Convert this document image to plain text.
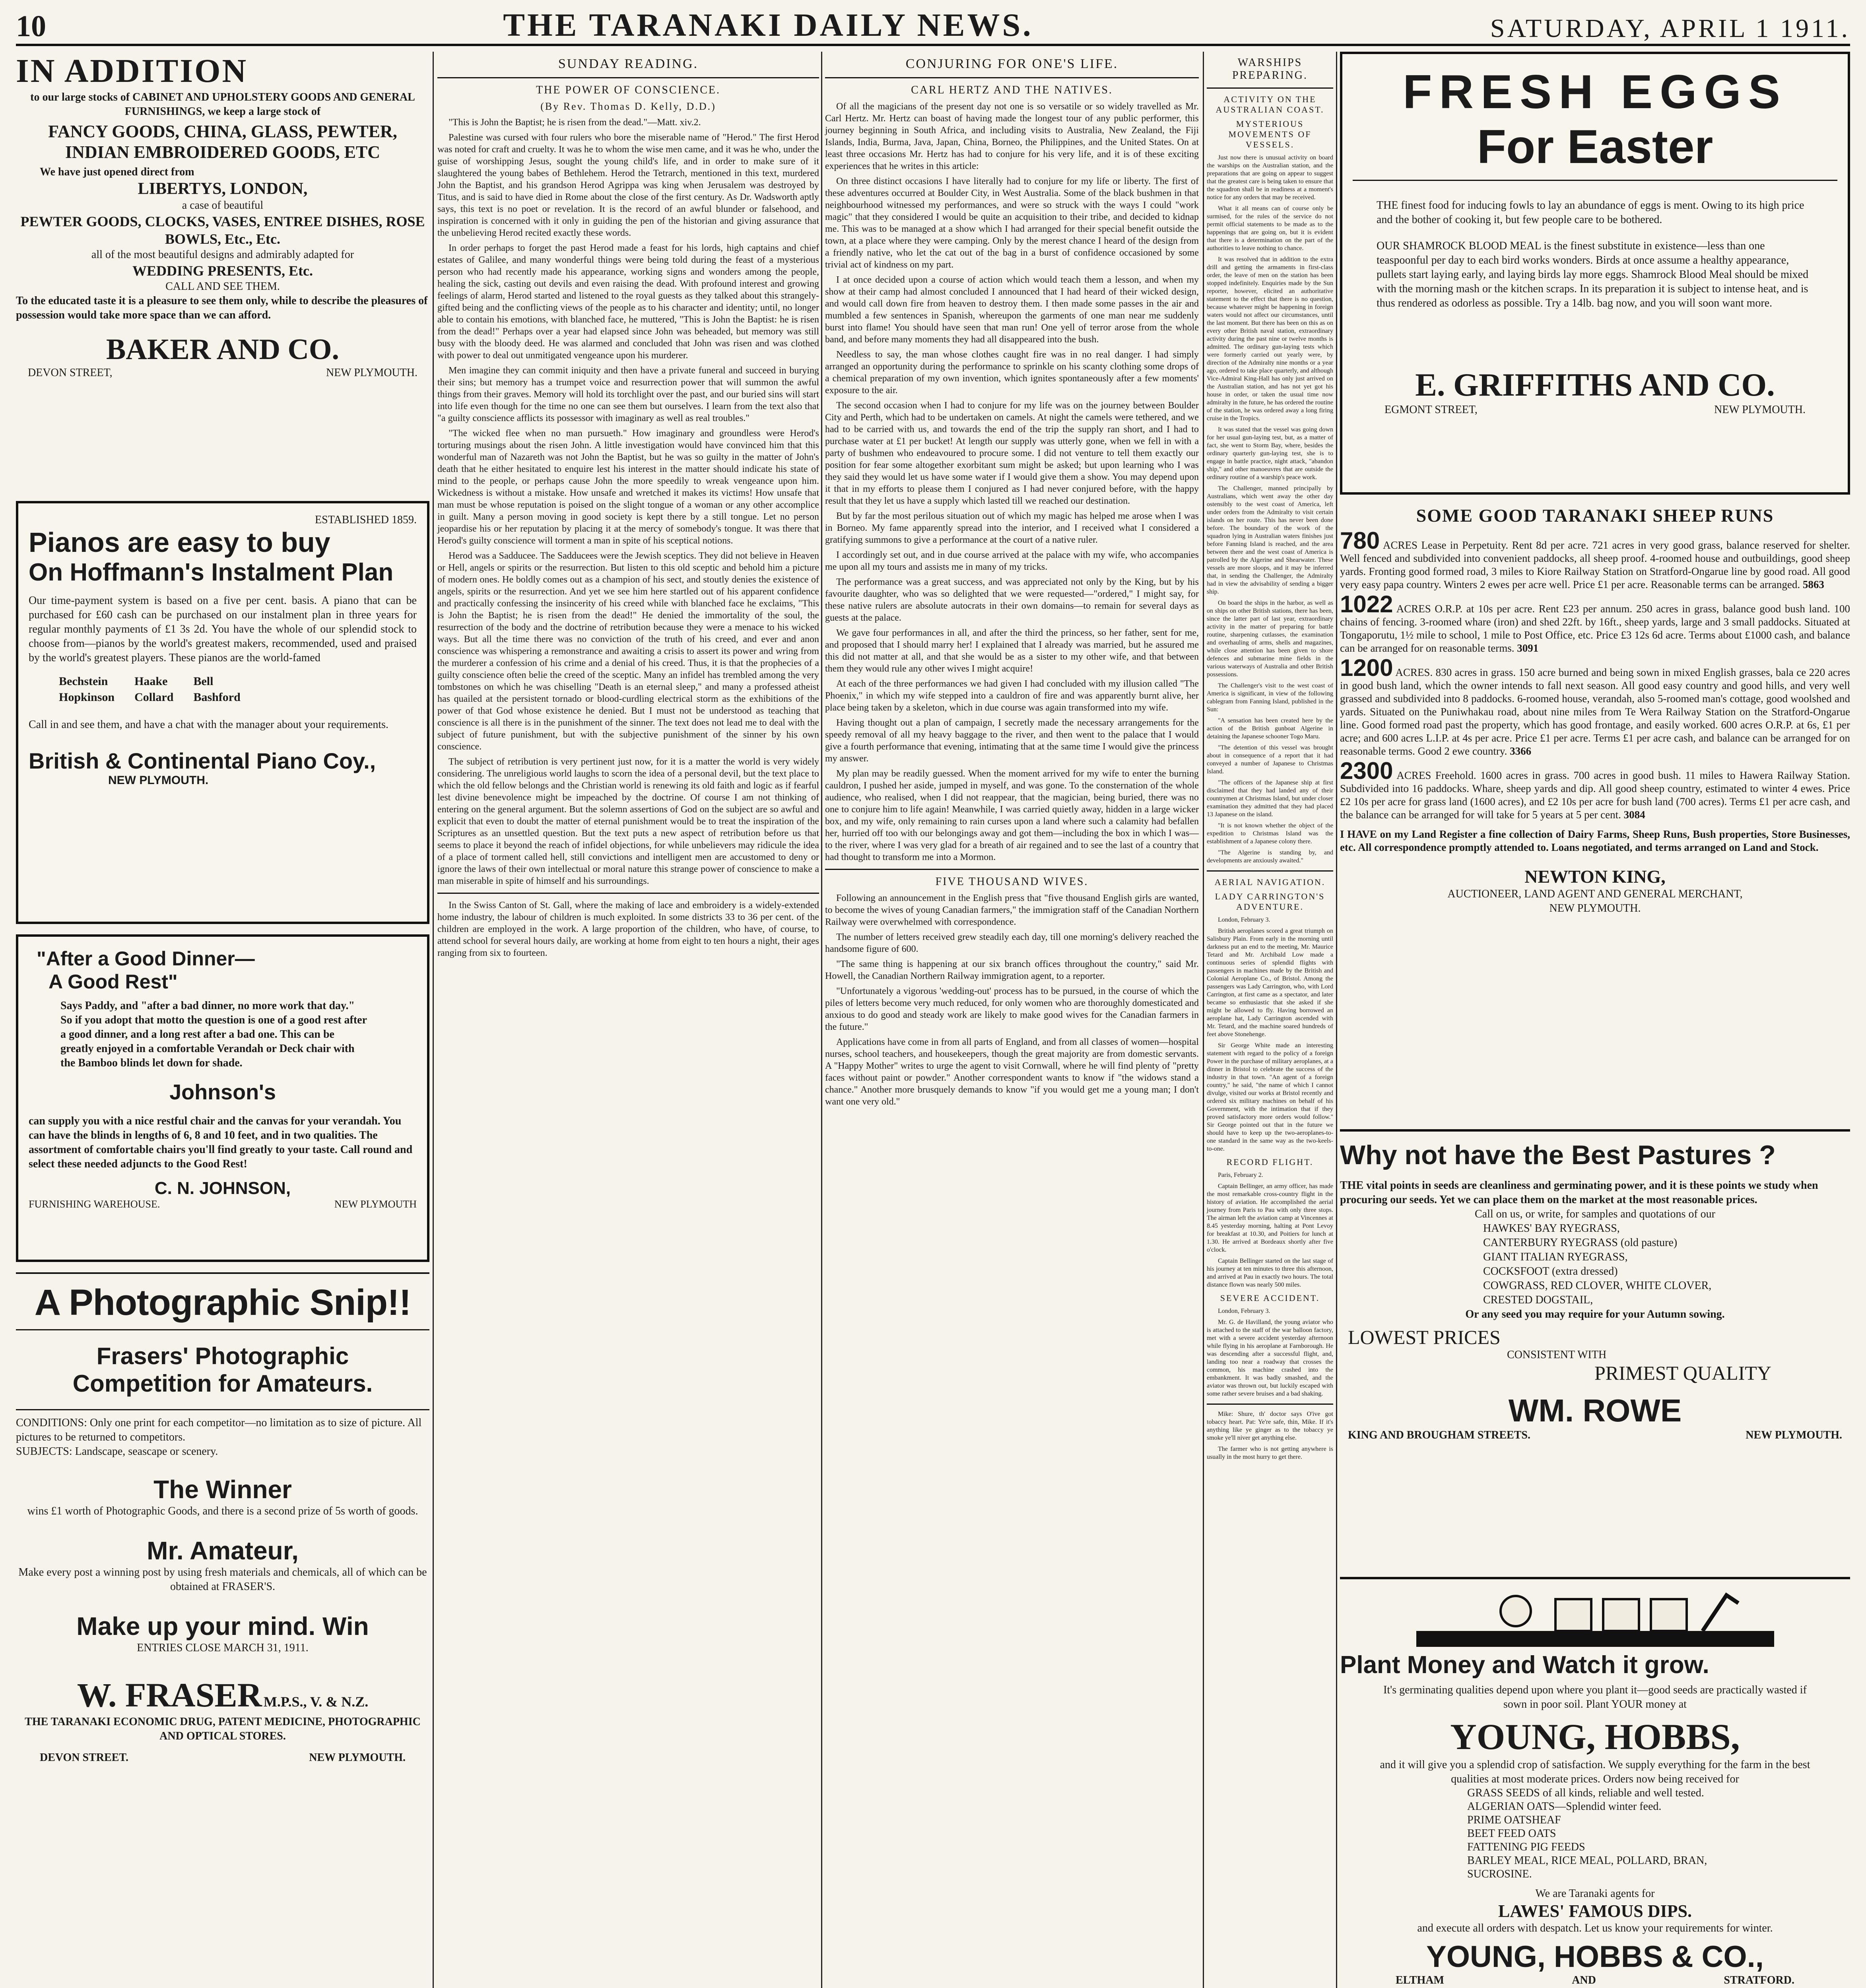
10	THE TARANAKI DAILY NEWS.	SATURDAY, APRIL 1 1911.
IN ADDITION
to our large stocks of CABINET AND UPHOLSTERY GOODS AND GENERAL FURNISHINGS, we keep a large stock of
FANCY GOODS, CHINA, GLASS, PEWTER, INDIAN EMBROIDERED GOODS, ETC
We have just opened direct from
LIBERTYS, LONDON,
a case of beautiful
PEWTER GOODS, CLOCKS, VASES, ENTREE DISHES, ROSE BOWLS, Etc., Etc.
all of the most beautiful designs and admirably adapted for
WEDDING PRESENTS, Etc.
CALL AND SEE THEM.
To the educated taste it is a pleasure to see them only, while to describe the pleasures of possession would take more space than we can afford.
BAKER AND CO.
DEVON STREET,	NEW PLYMOUTH.
ESTABLISHED 1859.
Pianos are easy to buy
On Hoffmann's Instalment Plan
Our time-payment system is based on a five per cent. basis. A piano that can be purchased for £60 cash can be purchased on our instalment plan in three years for regular monthly payments of £1 3s 2d. You have the whole of our splendid stock to choose from—pianos by the world's greatest makers, recommended, used and praised by the world's greatest players. These pianos are the world-famed
Bechstein	Haake	Bell
Hopkinson	Collard	Bashford
Call in and see them, and have a chat with the manager about your requirements.
British & Continental Piano Coy.,
NEW PLYMOUTH.
"After a Good Dinner—
A Good Rest"
Says Paddy, and "after a bad dinner, no more work that day." So if you adopt that motto the question is one of a good rest after a good dinner, and a long rest after a bad one. This can be greatly enjoyed in a comfortable Verandah or Deck chair with the Bamboo blinds let down for shade.
Johnson's
can supply you with a nice restful chair and the canvas for your verandah. You can have the blinds in lengths of 6, 8 and 10 feet, and in two qualities. The assortment of comfortable chairs you'll find greatly to your taste. Call round and select these needed adjuncts to the Good Rest!
C. N. JOHNSON,
FURNISHING WAREHOUSE.	NEW PLYMOUTH
A Photographic Snip!!
Frasers' Photographic
Competition for Amateurs.
CONDITIONS: Only one print for each competitor—no limitation as to size of picture. All pictures to be returned to competitors.
SUBJECTS: Landscape, seascape or scenery.
The Winner
wins £1 worth of Photographic Goods, and there is a second prize of 5s worth of goods.
Mr. Amateur,
Make every post a winning post by using fresh materials and chemicals, all of which can be obtained at FRASER'S.
Make up your mind. Win
ENTRIES CLOSE MARCH 31, 1911.
W. FRASER M.P.S., V. & N.Z.
THE TARANAKI ECONOMIC DRUG, PATENT MEDICINE, PHOTOGRAPHIC AND OPTICAL STORES.
DEVON STREET.	NEW PLYMOUTH.
SUNDAY READING.
THE POWER OF CONSCIENCE.
(By Rev. Thomas D. Kelly, D.D.)

"This is John the Baptist; he is risen from the dead."—Matt. xiv.2.

Palestine was cursed with four rulers who bore the miserable name of "Herod." The first Herod was noted for craft and cruelty. It was he to whom the wise men came, and it was he who, under the guise of worshipping Jesus, sought the young child's life, and in order to make sure of it slaughtered the young babes of Bethlehem. Herod the Tetrarch, mentioned in this text, murdered John the Baptist, and his grandson Herod Agrippa was king when Jerusalem was destroyed by Titus, and is said to have died in Rome about the close of the first century. As Dr. Wadsworth aptly says, this text is no poet or revelation. It is the record of an awful blunder or falsehood, and inspiration is concerned with it only in guiding the pen of the historian and giving assurance that the unbelieving Herod recited exactly these words.

In order perhaps to forget the past Herod made a feast for his lords, high captains and chief estates of Galilee, and many wonderful things were being told during the feast of a mysterious person who had recently made his appearance, working signs and wonders among the people, healing the sick, casting out devils and even raising the dead. With profound interest and growing feelings of alarm, Herod started and listened to the royal guests as they talked about this strangely-gifted being and the conflicting views of the people as to his character and identity; until, no longer able to contain his emotions, with blanched face, he muttered, "This is John the Baptist: he is risen from the dead!" Perhaps over a year had elapsed since John was beheaded, but memory was still busy with the bloody deed. He was alarmed and concluded that John was risen and was clothed with power to deal out unmitigated vengeance upon his murderer.

Men imagine they can commit iniquity and then have a private funeral and succeed in burying their sins; but memory has a trumpet voice and resurrection power that will summon the awful things from their graves. Memory will hold its torchlight over the past, and our buried sins will start into life even though for the time no one can see them but ourselves. I learn from the text also that "a guilty conscience afflicts its possessor with imaginary as well as real troubles."

"The wicked flee when no man pursueth." How imaginary and groundless were Herod's torturing musings about the risen John. A little investigation would have convinced him that this wonderful man of Nazareth was not John the Baptist, but he was so guilty in the matter of John's death that he either hesitated to enquire lest his interest in the matter should indicate his state of mind to the people, or perhaps cause John the more speedily to wreak vengeance upon him. Wickedness is without a mistake. How unsafe and wretched it makes its victims! How unsafe that man must be whose reputation is poised on the slight tongue of a woman or any other accomplice in guilt. Many a person moving in good society is kept there by a still tongue. Let no person jeopardise his or her reputation by placing it at the mercy of somebody's tongue. It was there that Herod's guilty conscience will torment a man in spite of his sceptical notions.

Herod was a Sadducee. The Sadducees were the Jewish sceptics. They did not believe in Heaven or Hell, angels or spirits or the resurrection. But listen to this old sceptic and behold him a picture of modern ones. He boldly comes out as a champion of his sect, and stoutly denies the existence of angels, spirits or the resurrection. And yet we see him here startled out of his apparent confidence and practically confessing the insincerity of his creed while with blanched face he exclaims, "This is John the Baptist; he is risen from the dead!" He denied the immortality of the soul, the resurrection of the body and the doctrine of retribution because they were a menace to his wicked ways. But all the time there was no conviction of the truth of his creed, and ever and anon conscience was whispering a remonstrance and awaiting a crisis to assert its power and wring from the murderer a confession of his crime and a denial of his creed. Thus, it is that the prophecies of a guilty conscience often belie the creed of the sceptic. Many an infidel has trembled among the very tombstones on which he was chiselling "Death is an eternal sleep," and many a professed atheist has quailed at the persistent tornado or blood-curdling electrical storm as the exhibitions of the power of that God whose existence he denied. But I must not be understood as teaching that conscience is all there is in the punishment of the sinner. The text does not lead me to deal with the subject of future punishment, but with the subjective punishment of the sinner by his own conscience.

The subject of retribution is very pertinent just now, for it is a matter the world is very widely considering. The unreligious world laughs to scorn the idea of a personal devil, but the text place to which the old fellow belongs and the Christian world is renewing its old faith and logic as if fearful lest divine benevolence might be impeached by the doctrine. Of course I am not thinking of entering on the general argument. But the solemn assertions of God on the subject are so awful and explicit that even to doubt the matter of eternal punishment would be to treat the inspiration of the Scriptures as an unsettled question. But the text puts a new aspect of retribution before us that seems to place it beyond the reach of infidel objections, for while unbelievers may ridicule the idea of a place of torment called hell, still convictions and intelligent men are accustomed to deny or ignore the laws of their own intellectual or moral nature this strange power of conscience to make a man miserable in spite of himself and his surroundings.

In the Swiss Canton of St. Gall, where the making of lace and embroidery is a widely-extended home industry, the labour of children is much exploited. In some districts 33 to 36 per cent. of the children are employed in the work. A large proportion of the children, who have, of course, to attend school for several hours daily, are working at home from eight to ten hours a night, their ages ranging from six to fourteen.

CONJURING FOR ONE'S LIFE.
CARL HERTZ AND THE NATIVES.

Of all the magicians of the present day not one is so versatile or so widely travelled as Mr. Carl Hertz. Mr. Hertz can boast of having made the longest tour of any public performer, this journey beginning in South Africa, and including visits to Australia, New Zealand, the Fiji Islands, India, Burma, Java, Japan, China, Borneo, the Philippines, and the United States. On at least three occasions Mr. Hertz has had to conjure for his very life, and it is of these exciting experiences that he writes in this article:

On three distinct occasions I have literally had to conjure for my life or liberty. The first of these adventures occurred at Boulder City, in West Australia. Some of the black bushmen in that neighbourhood witnessed my performances, and were so struck with the ways I could "work magic" that they considered I would be quite an acquisition to their tribe, and decided to kidnap me. This was to be managed at a show which I had arranged for their special benefit outside the town, at a place where they were camping. Only by the merest chance I heard of the design from a friendly native, who let the cat out of the bag in a burst of confidence occasioned by some trivial act of kindness on my part.

I at once decided upon a course of action which would teach them a lesson, and when my show at their camp had almost concluded I announced that I had heard of their wicked design, and would call down fire from heaven to destroy them. I then made some passes in the air and mumbled a few sentences in Spanish, whereupon the garments of one man near me suddenly burst into flame! You should have seen that man run! One yell of terror arose from the whole band, and before many moments they had all disappeared into the bush.

Needless to say, the man whose clothes caught fire was in no real danger. I had simply arranged an opportunity during the performance to sprinkle on his scanty clothing some drops of a chemical preparation of my own invention, which ignites spontaneously after a few moments' exposure to the air.

The second occasion when I had to conjure for my life was on the journey between Boulder City and Perth, which had to be undertaken on camels. At night the camels were tethered, and we had to be carried with us, and towards the end of the trip the supply ran short, and I had to purchase water at £1 per bucket! At length our supply was utterly gone, when we fell in with a party of bushmen who endeavoured to procure some. I did not venture to tell them exactly our position for fear some altogether exorbitant sum might be asked; but upon learning who I was they said they would let us have some water if I would give them a show. You may depend upon it that in my efforts to please them I conjured as I had never conjured before, with the happy result that they let us have a supply which lasted till we reached our destination.

But by far the most perilous situation out of which my magic has helped me arose when I was in Borneo. My fame apparently spread into the interior, and I received what I considered a gratifying summons to give a performance at the court of a native ruler.

I accordingly set out, and in due course arrived at the palace with my wife, who accompanies me upon all my tours and assists me in many of my tricks.

The performance was a great success, and was appreciated not only by the King, but by his favourite daughter, who was so delighted that we were requested—"ordered," I might say, for these native rulers are absolute autocrats in their own domains—to remain for several days as guests at the palace.

We gave four performances in all, and after the third the princess, so her father, sent for me, and proposed that I should marry her! I explained that I already was married, but he assured me this did not matter at all, and that she would be as a sister to my other wife, and that between them they would rule any other wives I might acquire!

At each of the three performances we had given I had concluded with my illusion called "The Phoenix," in which my wife stepped into a cauldron of fire and was apparently burnt alive, her place being taken by a skeleton, which in due course was again transformed into my wife.

Having thought out a plan of campaign, I secretly made the necessary arrangements for the speedy removal of all my heavy baggage to the river, and then went to the palace that I would give a fourth performance that evening, intimating that at the same time I would give the princess my answer.

My plan may be readily guessed. When the moment arrived for my wife to enter the burning cauldron, I pushed her aside, jumped in myself, and was gone. To the consternation of the whole audience, who realised, when I did not reappear, that the magician, being buried, there was no one to conjure him to life again! Meanwhile, I was carried quietly away, hidden in a large wicker box, and my wife, only remaining to rain curses upon a land where such a calamity had befallen her, hurried off too with our belongings away and got them—including the box in which I was—to the river, where I was very glad for a breath of air regained and to see the last of a country that had thought to transform me into a Mormon.

FIVE THOUSAND WIVES.

Following an announcement in the English press that "five thousand English girls are wanted, to become the wives of young Canadian farmers," the immigration staff of the Canadian Northern Railway were overwhelmed with correspondence.

The number of letters received grew steadily each day, till one morning's delivery reached the handsome figure of 600.

"The same thing is happening at our six branch offices throughout the country," said Mr. Howell, the Canadian Northern Railway immigration agent, to a reporter.

"Unfortunately a vigorous 'wedding-out' process has to be pursued, in the course of which the piles of letters become very much reduced, for only women who are thoroughly domesticated and anxious to do good and steady work are likely to make good wives for the Canadian farmers in the future."

Applications have come in from all parts of England, and from all classes of women—hospital nurses, school teachers, and housekeepers, though the great majority are from domestic servants. A "Happy Mother" writes to urge the agent to visit Cornwall, where he will find plenty of "pretty faces without paint or powder." Another correspondent wants to know if "the widows stand a chance." Another more brusquely demands to know "if you would get me a young man; I don't want one very old."

WARSHIPS PREPARING.
ACTIVITY ON THE AUSTRALIAN COAST.
MYSTERIOUS MOVEMENTS OF VESSELS.

Just now there is unusual activity on board the warships on the Australian station, and the preparations that are going on appear to suggest that the greatest care is being taken to ensure that the squadron shall be in readiness at a moment's notice for any orders that may be received.

What it all means can of course only be surmised, for the rules of the service do not permit official statements to be made as to the happenings that are going on, but it is evident that there is a determination on the part of the authorities to leave nothing to chance.

It was resolved that in addition to the extra drill and getting the armaments in first-class order, the leave of men on the station has been stopped indefinitely. Enquiries made by the Sun reporter, however, elicited an authoritative statement to the effect that there is no question, because whatever might be happening in foreign waters would not affect our circumstances, until the last moment. But there has been on this as on every other British naval station, extraordinary activity during the past nine or twelve months is admitted. The ordinary gun-laying tests which were formerly carried out yearly were, by direction of the Admiralty nine months or a year ago, ordered to take place quarterly, and although Vice-Admiral King-Hall has only just arrived on the Australian station, and has not yet got his house in order, or taken the usual time now admiralty in the future, he has ordered the routine of the station, he was ordered away a long firing cruise in the Tropics.

It was stated that the vessel was going down for her usual gun-laying test, but, as a matter of fact, she went to Storm Bay, where, besides the ordinary quarterly gun-laying test, she is to engage in battle practice, night attack, "abandon ship," and other manoeuvres that are outside the ordinary routine of a warship's peace work.

The Challenger, manned principally by Australians, which went away the other day ostensibly to the west coast of America, left under orders from the Admiralty to visit certain islands on her route. This has never been done before. The boundary of the work of the squadron lying in Australian waters finishes just before Fanning Island is reached, and the area between there and the west coast of America is patrolled by the Algerine and Shearwater. These vessels are more sloops, and it may be inferred that, in sending the Challenger, the Admiralty had in view the advisability of sending a bigger ship.

On board the ships in the harbor, as well as on ships on other British stations, there has been, since the latter part of last year, extraordinary activity in the matter of preparing for battle routine, sharpening cutlasses, the examination and overhauling of arms, shells and magazines, while close attention has been given to shore defences and submarine mine fields in the various waterways of Australia and other British possessions.

The Challenger's visit to the west coast of America is significant, in view of the following cablegram from Fanning Island, published in the Sun:

"A sensation has been created here by the action of the British gunboat Algerine in detaining the Japanese schooner Togo Maru.

"The detention of this vessel was brought about in consequence of a report that it had conveyed a number of Japanese to Christmas Island.

"The officers of the Japanese ship at first disclaimed that they had landed any of their countrymen at Christmas Island, but under closer examination they admitted that they had placed 13 Japanese on the island.

"It is not known whether the object of the expedition to Christmas Island was the establishment of a Japanese colony there.

"The Algerine is standing by, and developments are anxiously awaited."

AERIAL NAVIGATION.
LADY CARRINGTON'S ADVENTURE.

London, February 3.

British aeroplanes scored a great triumph on Salisbury Plain. From early in the morning until darkness put an end to the meeting, Mr. Maurice Tetard and Mr. Archibald Low made a continuous series of splendid flights with passengers in machines made by the British and Colonial Aeroplane Co., of Bristol. Among the passengers was Lady Carrington, who, with Lord Carrington, at first came as a spectator, and later became so enthusiastic that she asked if she might be allowed to fly. Having borrowed an aeroplane hat, Lady Carrington ascended with Mr. Tetard, and the machine soared hundreds of feet above Stonehenge.

Sir George White made an interesting statement with regard to the policy of a foreign Power in the purchase of military aeroplanes, at a dinner in Bristol to celebrate the success of the industry in that town. "An agent of a foreign country," he said, "the name of which I cannot divulge, visited our works at Bristol recently and ordered six military machines on behalf of his Government, with the intimation that if they proved satisfactory more orders would follow." Sir George pointed out that in the future we should have to keep up the two-aeroplanes-to-one standard in the same way as the two-keels-to-one.

RECORD FLIGHT.

Paris, February 2.

Captain Bellinger, an army officer, has made the most remarkable cross-country flight in the history of aviation. He accomplished the aerial journey from Paris to Pau with only three stops. The airman left the aviation camp at Vincennes at 8.45 yesterday morning, halting at Pont Levoy for breakfast at 10.30, and Poitiers for lunch at 1.30. He arrived at Bordeaux shortly after five o'clock.

Captain Bellinger started on the last stage of his journey at ten minutes to three this afternoon, and arrived at Pau in exactly two hours. The total distance flown was nearly 500 miles.

SEVERE ACCIDENT.

London, February 3.

Mr. G. de Havilland, the young aviator who is attached to the staff of the war balloon factory, met with a severe accident yesterday afternoon while flying in his aeroplane at Farnborough. He was descending after a successful flight, and, landing too near a roadway that crosses the common, his machine crashed into the embankment. It was badly smashed, and the aviator was thrown out, but luckily escaped with some rather severe bruises and a bad shaking.

Mike: Shure, th' doctor says O'ive got tobaccy heart. Pat: Ye're safe, thin, Mike. If it's anything like ye ginger as to the tobaccy ye smoke ye'll niver get anything else.

The farmer who is not getting anywhere is usually in the most hurry to get there.

FRESH EGGS
For Easter
THE finest food for inducing fowls to lay an abundance of eggs is ment. Owing to its high price and the bother of cooking it, but few people care to be bothered.
OUR SHAMROCK BLOOD MEAL is the finest substitute in existence—less than one teaspoonful per day to each bird works wonders. Birds at once assume a healthy appearance, pullets start laying early, and laying birds lay more eggs. Shamrock Blood Meal should be mixed with the morning mash or the kitchen scraps. In its preparation it is subject to intense heat, and is thus rendered as odorless as possible. Try a 14lb. bag now, and you will soon want more.
E. GRIFFITHS AND CO.
EGMONT STREET,	NEW PLYMOUTH.
SOME GOOD TARANAKI SHEEP RUNS

780 ACRES Lease in Perpetuity. Rent 8d per acre. 721 acres in very good grass, balance reserved for shelter. Well fenced and subdivided into convenient paddocks, all sheep proof. 4-roomed house and outbuildings, good sheep yards. Fronting good formed road, 3 miles to Kiore Railway Station on Stratford-Ongarue line by good road. All good very easy papa country. Winters 2 ewes per acre well. Price £1 per acre. Reasonable terms can be arranged. 5863

1022 ACRES O.R.P. at 10s per acre. Rent £23 per annum. 250 acres in grass, balance good bush land. 100 chains of fencing. 3-roomed whare (iron) and shed 22ft. by 16ft., sheep yards, large and 3 small paddocks. Situated at Tongaporutu, 1½ mile to school, 1 mile to Post Office, etc. Price £3 12s 6d acre. Terms about £1000 cash, and balance can be arranged for on reasonable terms. 3091

1200 ACRES. 830 acres in grass. 150 acre burned and being sown in mixed English grasses, bala ce 220 acres in good bush land, which the owner intends to fall next season. All good easy country and good hills, and very well grassed and subdivided into 8 paddocks. 6-roomed house, verandah, also 5-roomed man's cottage, good woolshed and yards. Situated on the Puniwhakau road, about nine miles from Te Wera Railway Station on the Stratford-Ongarue line. Good formed road past the property, which has good frontage, and easily worked. 600 acres O.R.P. at 6s, £1 per acre; and 600 acres L.I.P. at 4s per acre. Price £1 per acre. Terms £1 per acre cash, and balance can be arranged for on reasonable terms. Good 2 ewe country. 3366

2300 ACRES Freehold. 1600 acres in grass. 700 acres in good bush. 11 miles to Hawera Railway Station. Subdivided into 16 paddocks. Whare, sheep yards and dip. All good sheep country, estimated to winter 4 ewes. Price £2 10s per acre for grass land (1600 acres), and £2 10s per acre for bush land (700 acres). Terms £1 per acre cash, and the balance can be arranged for will take for 5 years at 5 per cent. 3084

I HAVE on my Land Register a fine collection of Dairy Farms, Sheep Runs, Bush properties, Store Businesses, etc. All correspondence promptly attended to. Loans negotiated, and terms arranged on Land and Stock.

NEWTON KING,
AUCTIONEER, LAND AGENT AND GENERAL MERCHANT,
NEW PLYMOUTH.
Why not have the Best Pastures ?
THE vital points in seeds are cleanliness and germinating power, and it is these points we study when procuring our seeds. Yet we can place them on the market at the most reasonable prices.
Call on us, or write, for samples and quotations of our
HAWKES' BAY RYEGRASS,
CANTERBURY RYEGRASS (old pasture)
GIANT ITALIAN RYEGRASS,
COCKSFOOT (extra dressed)
COWGRASS, RED CLOVER, WHITE CLOVER,
CRESTED DOGSTAIL,
Or any seed you may require for your Autumn sowing.
LOWEST PRICES
CONSISTENT WITH
PRIMEST QUALITY
WM. ROWE
KING AND BROUGHAM STREETS.	NEW PLYMOUTH.
Plant Money and Watch it grow.
It's germinating qualities depend upon where you plant it—good seeds are practically wasted if sown in poor soil. Plant YOUR money at
YOUNG, HOBBS,
and it will give you a splendid crop of satisfaction. We supply everything for the farm in the best qualities at most moderate prices. Orders now being received for
GRASS SEEDS of all kinds, reliable and well tested.
ALGERIAN OATS—Splendid winter feed.
PRIME OATSHEAF
BEET FEED OATS
FATTENING PIG FEEDS
BARLEY MEAL, RICE MEAL, POLLARD, BRAN,
SUCROSINE.
We are Taranaki agents for
LAWES' FAMOUS DIPS.
and execute all orders with despatch. Let us know your requirements for winter.
YOUNG, HOBBS & CO.,
ELTHAM	AND	STRATFORD.
